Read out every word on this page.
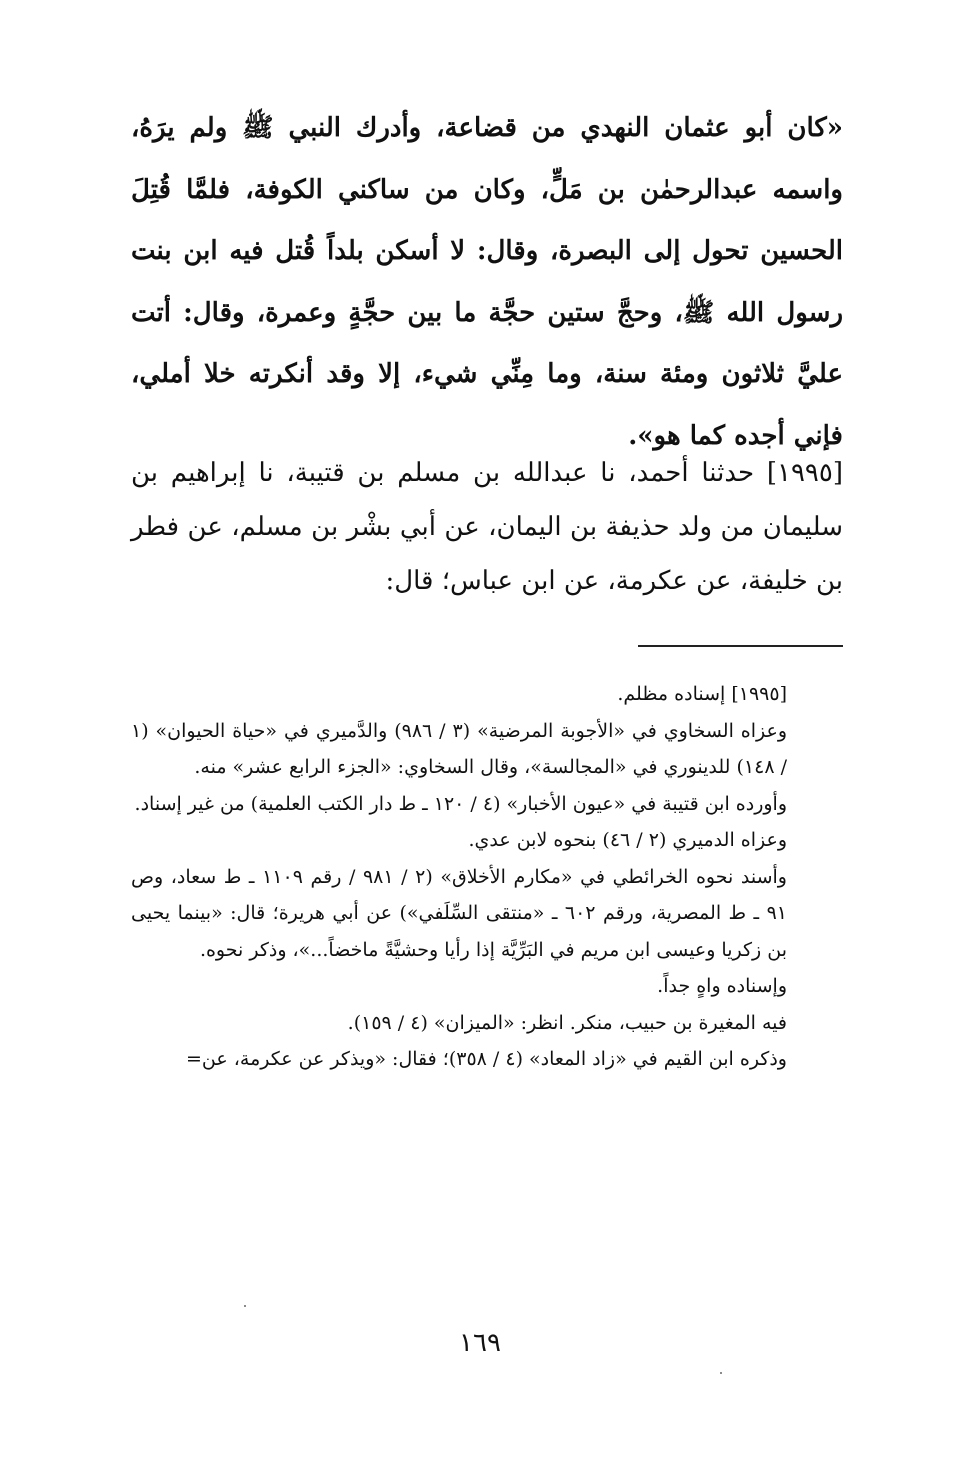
«كان أبو عثمان النهدي من قضاعة، وأدرك النبي ﷺ ولم يرَهُ، واسمه عبدالرحمٰن بن مَلٍّ، وكان من ساكني الكوفة، فلمَّا قُتِلَ الحسين تحول إلى البصرة، وقال: لا أسكن بلداً قُتل فيه ابن بنت رسول الله ﷺ، وحجَّ ستين حجَّة ما بين حجَّةٍ وعمرة، وقال: أتت عليَّ ثلاثون ومئة سنة، وما مِنِّي شيء، إلا وقد أنكرته خلا أملي، فإني أجده كما هو».

[١٩٩٥] حدثنا أحمد، نا عبدالله بن مسلم بن قتيبة، نا إبراهيم بن سليمان من ولد حذيفة بن اليمان، عن أبي بشْر بن مسلم، عن فطر بن خليفة، عن عكرمة، عن ابن عباس؛ قال:

[١٩٩٥] إسناده مظلم.

وعزاه السخاوي في «الأجوبة المرضية» (٣ / ٩٨٦) والدَّميري في «حياة الحيوان» (١ / ١٤٨) للدينوري في «المجالسة»، وقال السخاوي: «الجزء الرابع عشر» منه.

وأورده ابن قتيبة في «عيون الأخبار» (٤ / ١٢٠ ـ ط دار الكتب العلمية) من غير إسناد.

وعزاه الدميري (٢ / ٤٦) بنحوه لابن عدي.

وأسند نحوه الخرائطي في «مكارم الأخلاق» (٢ / ٩٨١ / رقم ١١٠٩ ـ ط سعاد، وص ٩١ ـ ط المصرية، ورقم ٦٠٢ ـ «منتقى السِّلَفي») عن أبي هريرة؛ قال: «بينما يحيى بن زكريا وعيسى ابن مريم في البَرِّيَّة إذا رأيا وحشيَّةً ماخضاً...»، وذكر نحوه.

وإسناده واهٍ جداً.

فيه المغيرة بن حبيب، منكر. انظر: «الميزان» (٤ / ١٥٩).

وذكره ابن القيم في «زاد المعاد» (٤ / ٣٥٨)؛ فقال: «ويذكر عن عكرمة، عن=

١٦٩
